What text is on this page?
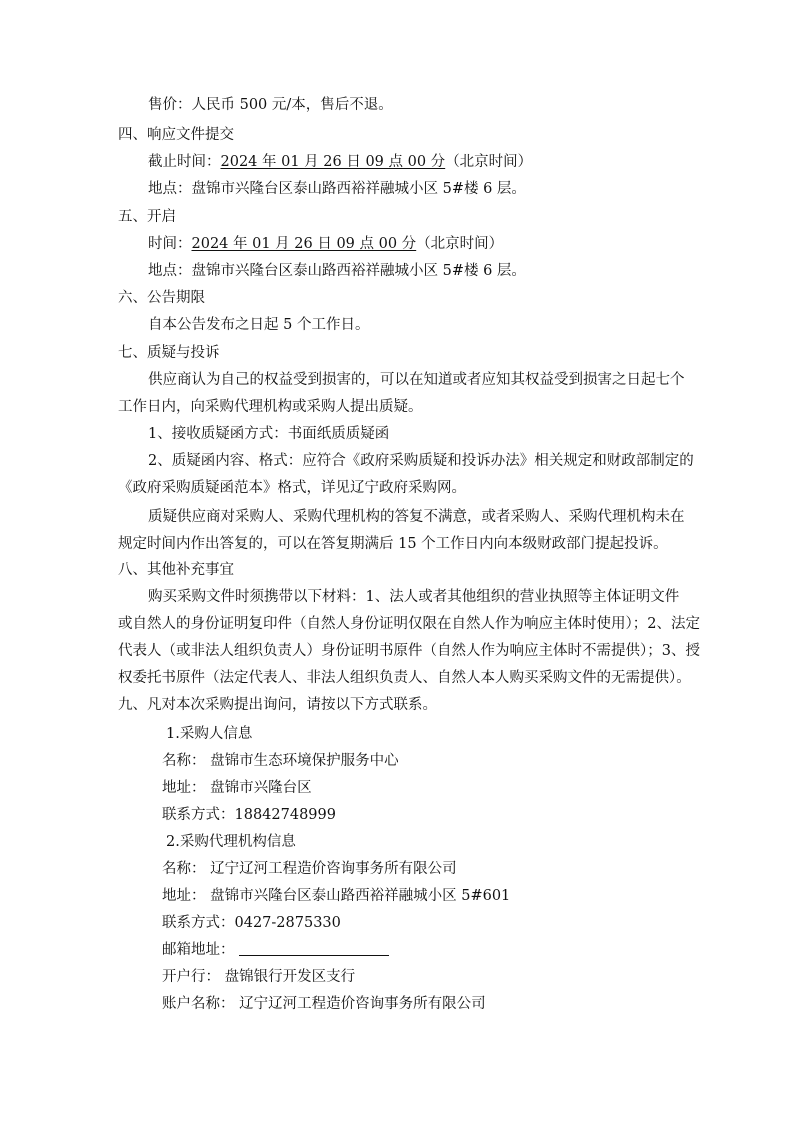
售价：人民币 500 元/本，售后不退。
四、响应文件提交
截止时间：2024 年 01 月 26 日 09 点 00 分（北京时间）
地点：盘锦市兴隆台区泰山路西裕祥融城小区 5#楼 6 层。
五、开启
时间：2024 年 01 月 26 日 09 点 00 分（北京时间）
地点：盘锦市兴隆台区泰山路西裕祥融城小区 5#楼 6 层。
六、公告期限
自本公告发布之日起 5 个工作日。
七、质疑与投诉
供应商认为自己的权益受到损害的，可以在知道或者应知其权益受到损害之日起七个
工作日内，向采购代理机构或采购人提出质疑。
1、接收质疑函方式：书面纸质质疑函
2、质疑函内容、格式：应符合《政府采购质疑和投诉办法》相关规定和财政部制定的
《政府采购质疑函范本》格式，详见辽宁政府采购网。
质疑供应商对采购人、采购代理机构的答复不满意，或者采购人、采购代理机构未在
规定时间内作出答复的，可以在答复期满后 15 个工作日内向本级财政部门提起投诉。
八、其他补充事宜
购买采购文件时须携带以下材料：1、法人或者其他组织的营业执照等主体证明文件
或自然人的身份证明复印件（自然人身份证明仅限在自然人作为响应主体时使用）；2、法定
代表人（或非法人组织负责人）身份证明书原件（自然人作为响应主体时不需提供）；3、授
权委托书原件（法定代表人、非法人组织负责人、自然人本人购买采购文件的无需提供）。
九、凡对本次采购提出询问，请按以下方式联系。
1.采购人信息
名称： 盘锦市生态环境保护服务中心
地址： 盘锦市兴隆台区
联系方式：18842748999
2.采购代理机构信息
名称： 辽宁辽河工程造价咨询事务所有限公司
地址： 盘锦市兴隆台区泰山路西裕祥融城小区 5#601
联系方式：0427-2875330
邮箱地址：
开户行： 盘锦银行开发区支行
账户名称： 辽宁辽河工程造价咨询事务所有限公司
